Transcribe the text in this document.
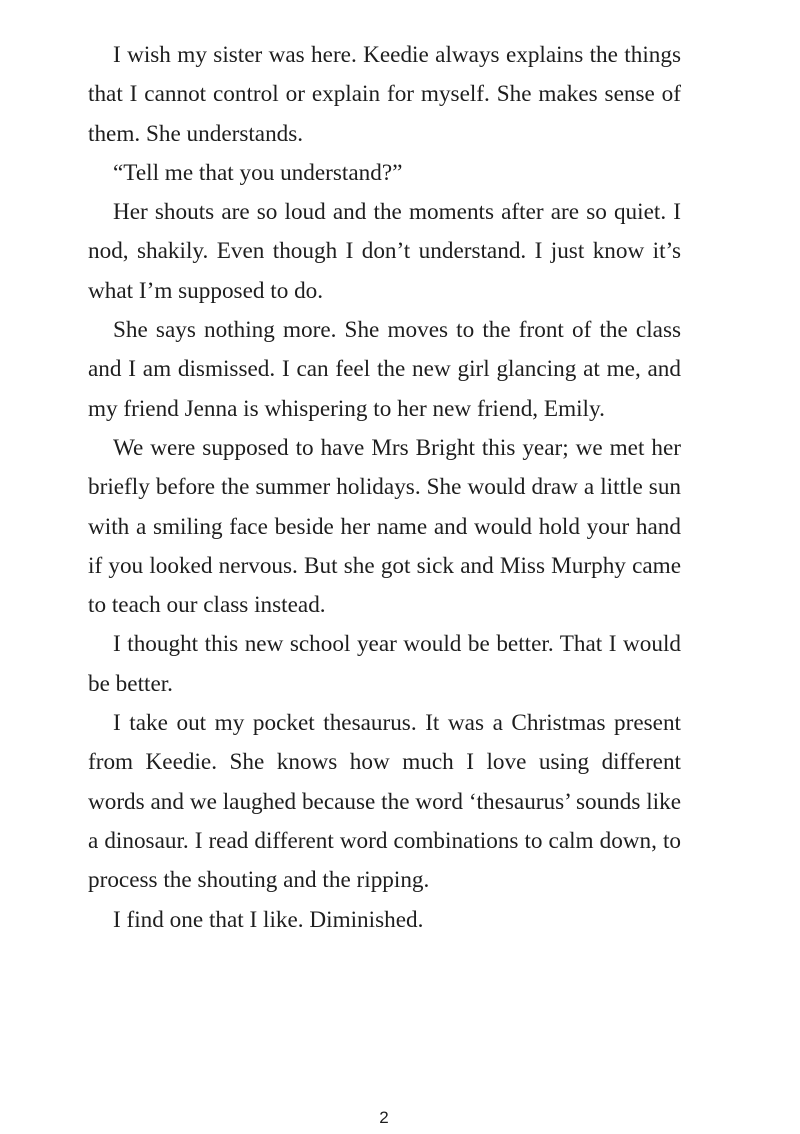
I wish my sister was here. Keedie always explains the things that I cannot control or explain for myself. She makes sense of them. She understands.

“Tell me that you understand?”

Her shouts are so loud and the moments after are so quiet. I nod, shakily. Even though I don’t understand. I just know it’s what I’m supposed to do.

She says nothing more. She moves to the front of the class and I am dismissed. I can feel the new girl glancing at me, and my friend Jenna is whispering to her new friend, Emily.

We were supposed to have Mrs Bright this year; we met her briefly before the summer holidays. She would draw a little sun with a smiling face beside her name and would hold your hand if you looked nervous. But she got sick and Miss Murphy came to teach our class instead.

I thought this new school year would be better. That I would be better.

I take out my pocket thesaurus. It was a Christmas present from Keedie. She knows how much I love using different words and we laughed because the word ‘thesaurus’ sounds like a dinosaur. I read different word combinations to calm down, to process the shouting and the ripping.

I find one that I like. Diminished.

2
